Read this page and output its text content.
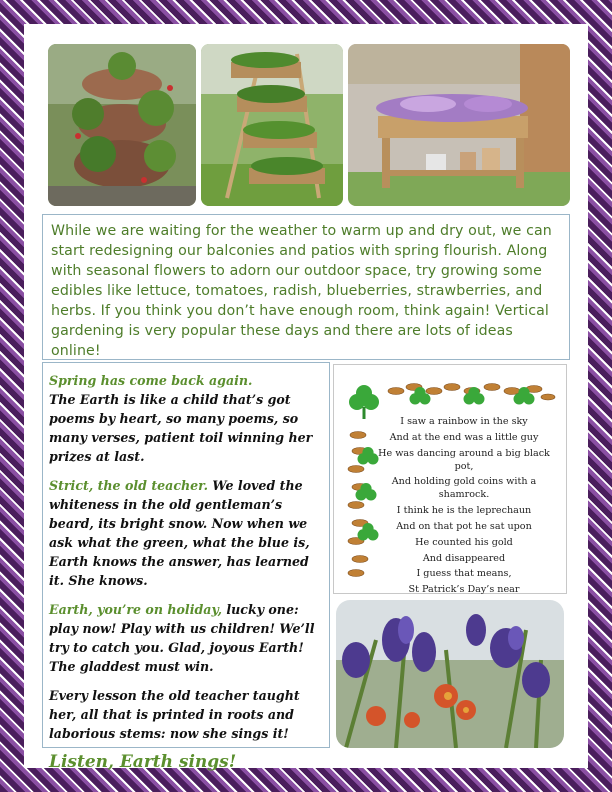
While we are waiting for the weather to warm up and dry out, we can start redesigning our balconies and patios with spring flourish. Along with seasonal flowers to adorn our outdoor space, try growing some edibles like lettuce, tomatoes, radish, blueberries, strawberries, and herbs. If you think you don’t have enough room, think again! Vertical gardening is very popular these days and there are lots of ideas online!

Spring has come back again.
The Earth is like a child that’s got poems by heart, so many poems, so many verses, patient toil winning her prizes at last.

Strict, the old teacher. We loved the whiteness in the old gentleman’s beard, its bright snow. Now when we ask what the green, what the blue is, Earth knows the answer, has learned it. She knows.

Earth, you’re on holiday, lucky one: play now! Play with us children! We’ll try to catch you. Glad, joyous Earth!
The gladdest must win.

Every lesson the old teacher taught her, all that is printed in roots and laborious stems: now she sings it!

Listen, Earth sings!

I saw a rainbow in the sky
And at the end was a little guy
He was dancing around a big black pot,
And holding gold coins with a shamrock.
I think he is the leprechaun
And on that pot he sat upon
He counted his gold
And disappeared
I guess that means,
St Patrick’s Day’s near
